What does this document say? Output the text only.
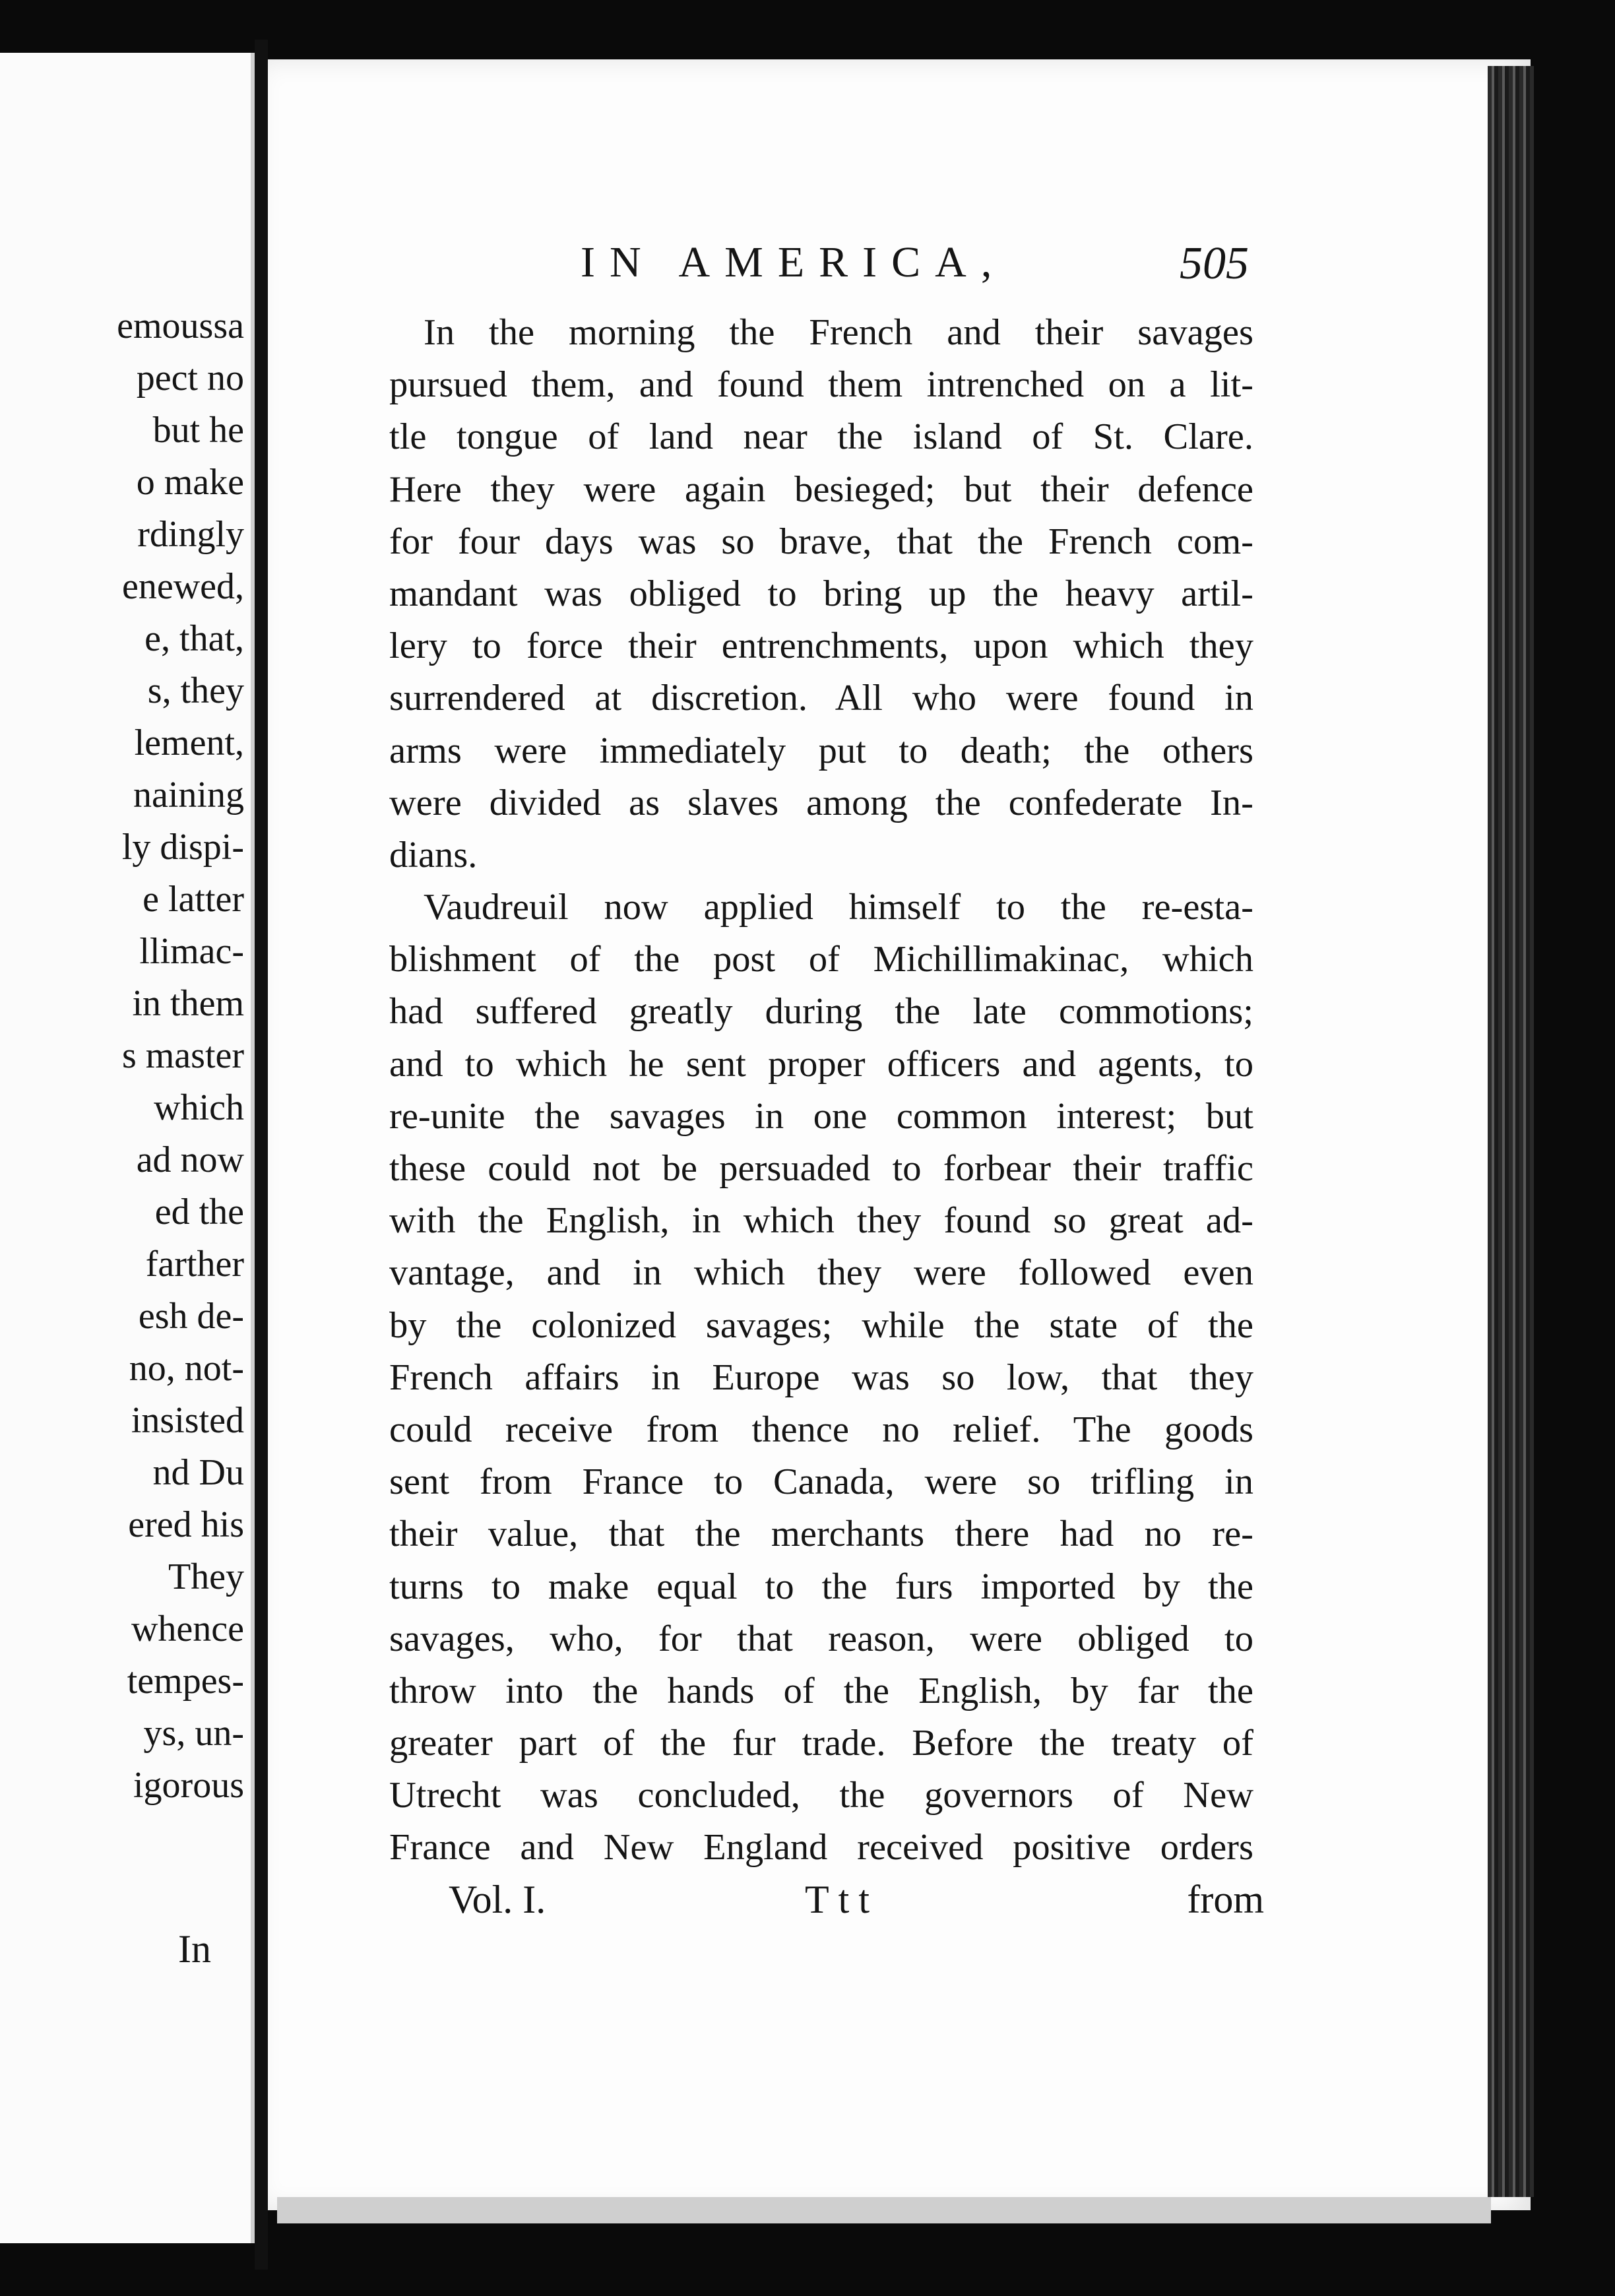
emoussa
pect no
but he
o make
rdingly
enewed,
e, that,
s, they
lement,
naining
ly dispi-
e latter
llimac-
in them
s master
which
ad now
ed the
farther
esh de-
no, not-
insisted
nd Du
ered his
They
whence
tempes-
ys, un-
igorous
In
IN AMERICA,	505
In the morning the French and their savages
pursued them, and found them intrenched on a lit-
tle tongue of land near the island of St. Clare.
Here they were again besieged; but their defence
for four days was so brave, that the French com-
mandant was obliged to bring up the heavy artil-
lery to force their entrenchments, upon which they
surrendered at discretion. All who were found in
arms were immediately put to death; the others
were divided as slaves among the confederate In-
dians.
Vaudreuil now applied himself to the re-esta-
blishment of the post of Michillimakinac, which
had suffered greatly during the late commotions;
and to which he sent proper officers and agents, to
re-unite the savages in one common interest; but
these could not be persuaded to forbear their traffic
with the English, in which they found so great ad-
vantage, and in which they were followed even
by the colonized savages; while the state of the
French affairs in Europe was so low, that they
could receive from thence no relief. The goods
sent from France to Canada, were so trifling in
their value, that the merchants there had no re-
turns to make equal to the furs imported by the
savages, who, for that reason, were obliged to
throw into the hands of the English, by far the
greater part of the fur trade. Before the treaty of
Utrecht was concluded, the governors of New
France and New England received positive orders
Vol. I.	Ttt	from
